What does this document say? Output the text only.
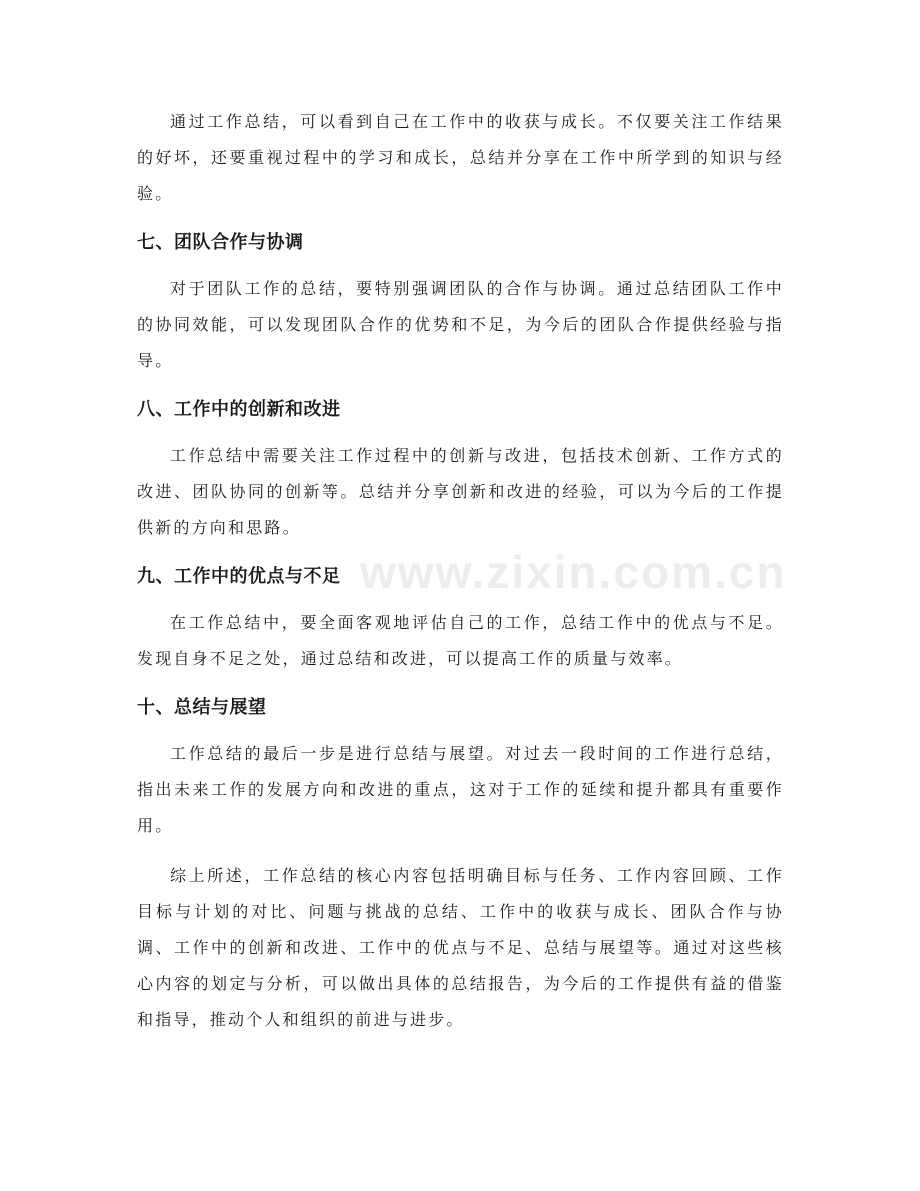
通过工作总结，可以看到自己在工作中的收获与成长。不仅要关注工作结果的好坏，还要重视过程中的学习和成长，总结并分享在工作中所学到的知识与经验。

七、团队合作与协调

对于团队工作的总结，要特别强调团队的合作与协调。通过总结团队工作中的协同效能，可以发现团队合作的优势和不足，为今后的团队合作提供经验与指导。

八、工作中的创新和改进

工作总结中需要关注工作过程中的创新与改进，包括技术创新、工作方式的改进、团队协同的创新等。总结并分享创新和改进的经验，可以为今后的工作提供新的方向和思路。

九、工作中的优点与不足

在工作总结中，要全面客观地评估自己的工作，总结工作中的优点与不足。发现自身不足之处，通过总结和改进，可以提高工作的质量与效率。

十、总结与展望

工作总结的最后一步是进行总结与展望。对过去一段时间的工作进行总结，指出未来工作的发展方向和改进的重点，这对于工作的延续和提升都具有重要作用。

综上所述，工作总结的核心内容包括明确目标与任务、工作内容回顾、工作目标与计划的对比、问题与挑战的总结、工作中的收获与成长、团队合作与协调、工作中的创新和改进、工作中的优点与不足、总结与展望等。通过对这些核心内容的划定与分析，可以做出具体的总结报告，为今后的工作提供有益的借鉴和指导，推动个人和组织的前进与进步。

www.zixin.com.cn
